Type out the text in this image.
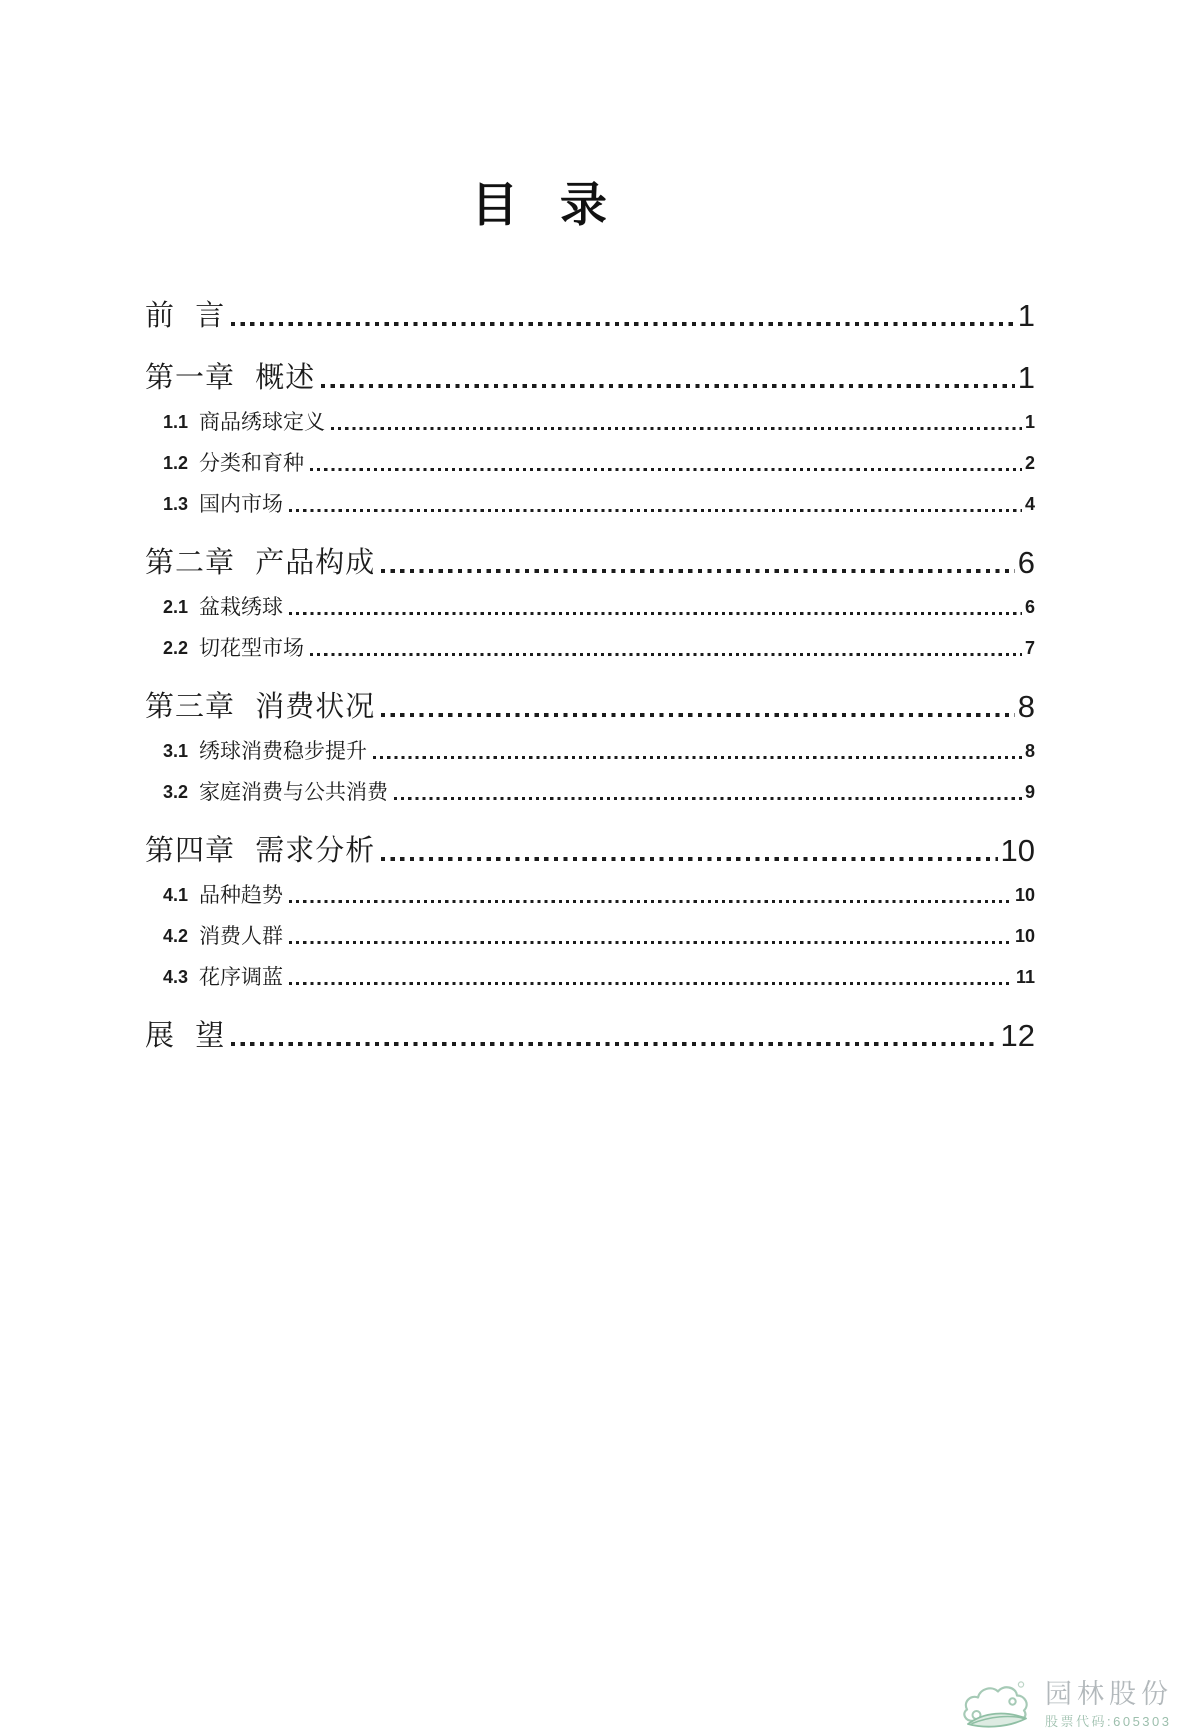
目 录
前 言	1
第一章 概述	1
1.1 商品绣球定义	1
1.2 分类和育种	2
1.3 国内市场	4
第二章 产品构成	6
2.1 盆栽绣球	6
2.2 切花型市场	7
第三章 消费状况	8
3.1 绣球消费稳步提升	8
3.2 家庭消费与公共消费	9
第四章 需求分析	10
4.1 品种趋势	10
4.2 消费人群	10
4.3 花序调蓝	11
展 望	12
园林股份
股票代码:605303
